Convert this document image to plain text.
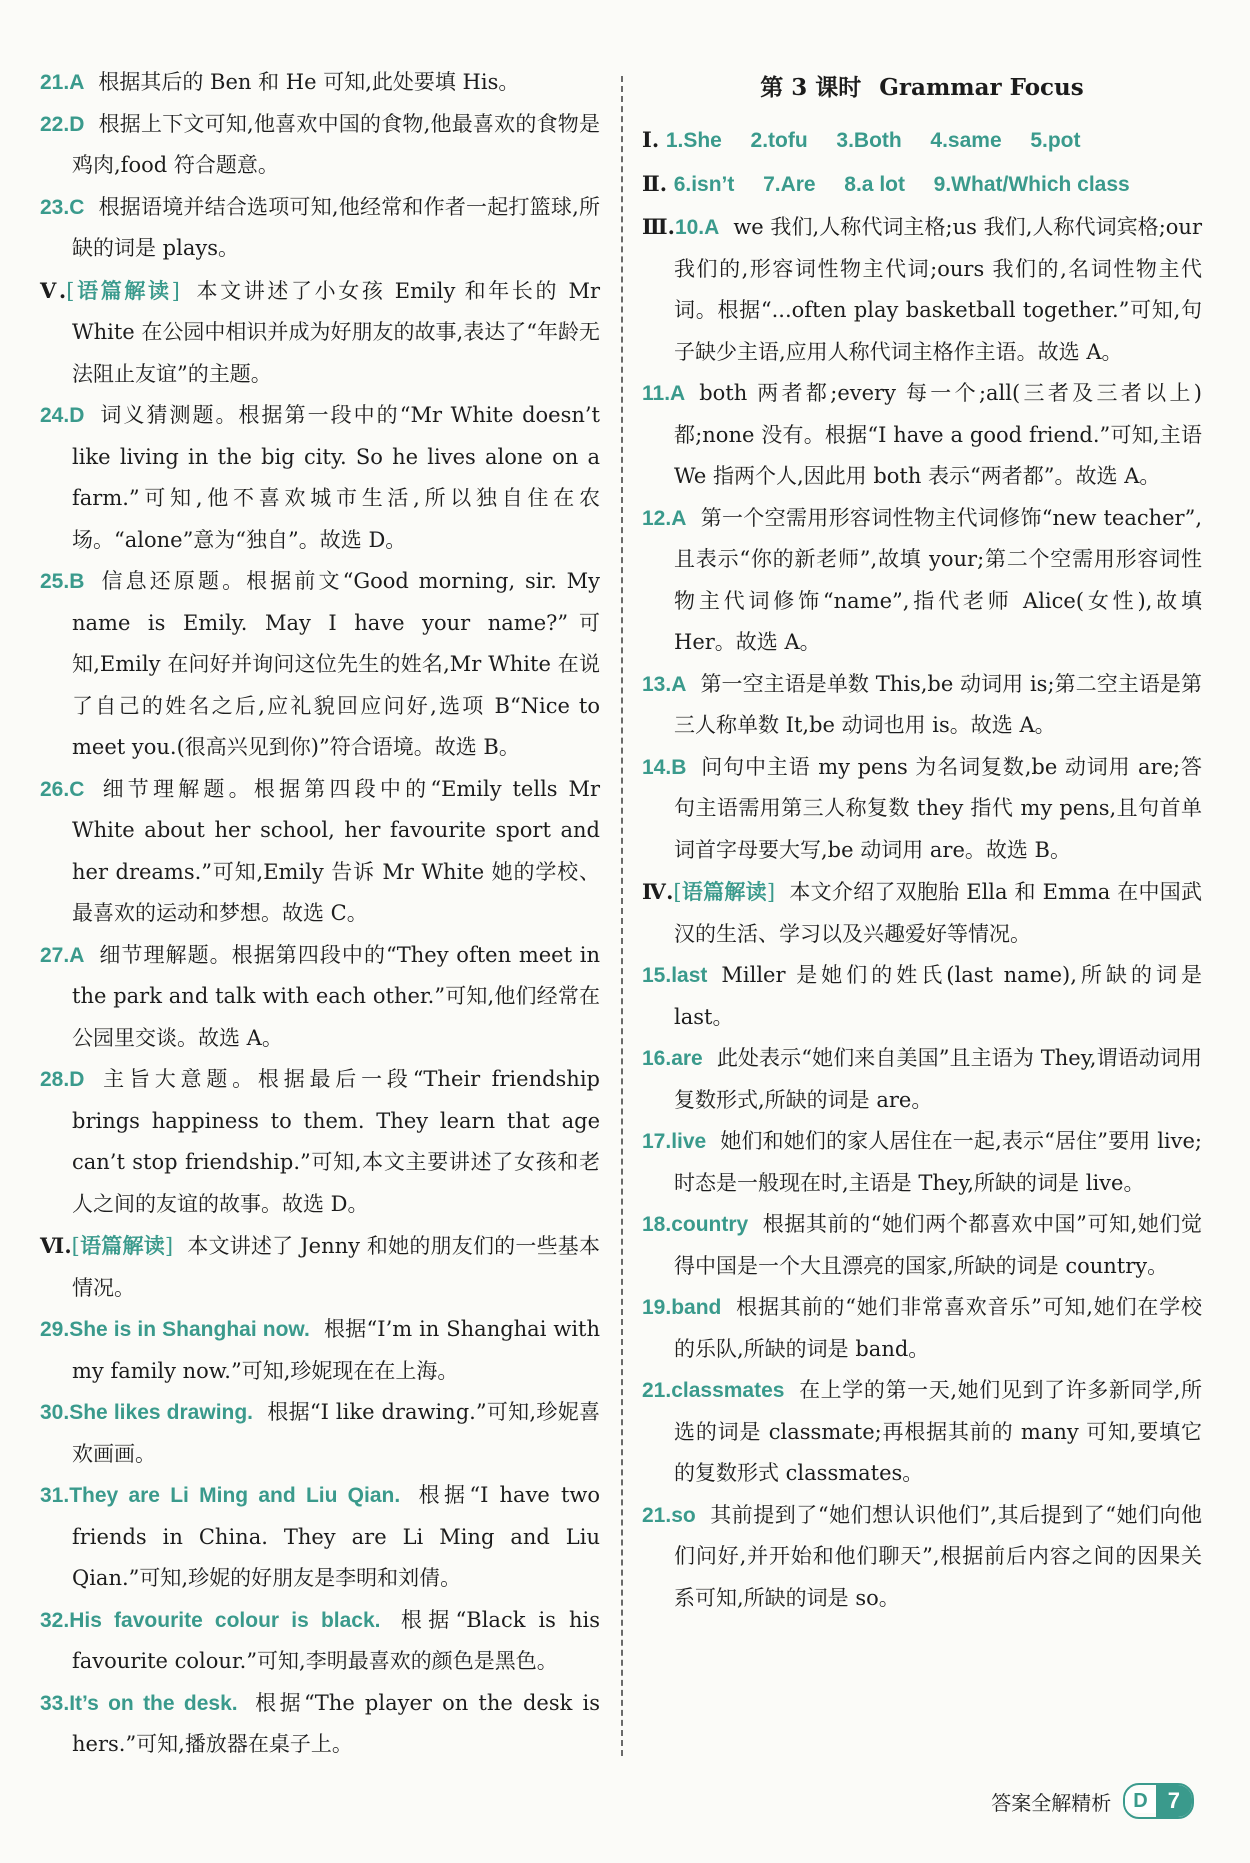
21.A 根据其后的 Ben 和 He 可知,此处要填 His。
22.D 根据上下文可知,他喜欢中国的食物,他最喜欢的食物是鸡肉,food 符合题意。
23.C 根据语境并结合选项可知,他经常和作者一起打篮球,所缺的词是 plays。
Ⅴ.[语篇解读] 本文讲述了小女孩 Emily 和年长的 Mr White 在公园中相识并成为好朋友的故事,表达了“年龄无法阻止友谊”的主题。
24.D 词义猜测题。根据第一段中的“Mr White doesn’t like living in the big city. So he lives alone on a farm.”可知,他不喜欢城市生活,所以独自住在农场。“alone”意为“独自”。故选 D。
25.B 信息还原题。根据前文“Good morning, sir. My name is Emily. May I have your name?”可知,Emily 在问好并询问这位先生的姓名,Mr White 在说了自己的姓名之后,应礼貌回应问好,选项 B“Nice to meet you.(很高兴见到你)”符合语境。故选 B。
26.C 细节理解题。根据第四段中的“Emily tells Mr White about her school, her favourite sport and her dreams.”可知,Emily 告诉 Mr White 她的学校、最喜欢的运动和梦想。故选 C。
27.A 细节理解题。根据第四段中的“They often meet in the park and talk with each other.”可知,他们经常在公园里交谈。故选 A。
28.D 主旨大意题。根据最后一段“Their friendship brings happiness to them. They learn that age can’t stop friendship.”可知,本文主要讲述了女孩和老人之间的友谊的故事。故选 D。
Ⅵ.[语篇解读] 本文讲述了 Jenny 和她的朋友们的一些基本情况。
29.She is in Shanghai now. 根据“I’m in Shanghai with my family now.”可知,珍妮现在在上海。
30.She likes drawing. 根据“I like drawing.”可知,珍妮喜欢画画。
31.They are Li Ming and Liu Qian. 根据“I have two friends in China. They are Li Ming and Liu Qian.”可知,珍妮的好朋友是李明和刘倩。
32.His favourite colour is black. 根据“Black is his favourite colour.”可知,李明最喜欢的颜色是黑色。
33.It’s on the desk. 根据“The player on the desk is hers.”可知,播放器在桌子上。
第 3 课时 Grammar Focus
Ⅰ. 1.She 2.tofu 3.Both 4.same 5.pot
Ⅱ. 6.isn’t 7.Are 8.a lot 9.What/Which class
Ⅲ.10.A we 我们,人称代词主格;us 我们,人称代词宾格;our 我们的,形容词性物主代词;ours 我们的,名词性物主代词。根据“...often play basketball together.”可知,句子缺少主语,应用人称代词主格作主语。故选 A。
11.A both 两者都;every 每一个;all(三者及三者以上)都;none 没有。根据“I have a good friend.”可知,主语 We 指两个人,因此用 both 表示“两者都”。故选 A。
12.A 第一个空需用形容词性物主代词修饰“new teacher”,且表示“你的新老师”,故填 your;第二个空需用形容词性物主代词修饰“name”,指代老师 Alice(女性),故填 Her。故选 A。
13.A 第一空主语是单数 This,be 动词用 is;第二空主语是第三人称单数 It,be 动词也用 is。故选 A。
14.B 问句中主语 my pens 为名词复数,be 动词用 are;答句主语需用第三人称复数 they 指代 my pens,且句首单词首字母要大写,be 动词用 are。故选 B。
Ⅳ.[语篇解读] 本文介绍了双胞胎 Ella 和 Emma 在中国武汉的生活、学习以及兴趣爱好等情况。
15.last Miller 是她们的姓氏(last name),所缺的词是 last。
16.are 此处表示“她们来自美国”且主语为 They,谓语动词用复数形式,所缺的词是 are。
17.live 她们和她们的家人居住在一起,表示“居住”要用 live;时态是一般现在时,主语是 They,所缺的词是 live。
18.country 根据其前的“她们两个都喜欢中国”可知,她们觉得中国是一个大且漂亮的国家,所缺的词是 country。
19.band 根据其前的“她们非常喜欢音乐”可知,她们在学校的乐队,所缺的词是 band。
21.classmates 在上学的第一天,她们见到了许多新同学,所选的词是 classmate;再根据其前的 many 可知,要填它的复数形式 classmates。
21.so 其前提到了“她们想认识他们”,其后提到了“她们向他们问好,并开始和他们聊天”,根据前后内容之间的因果关系可知,所缺的词是 so。
答案全解精析	D 7
